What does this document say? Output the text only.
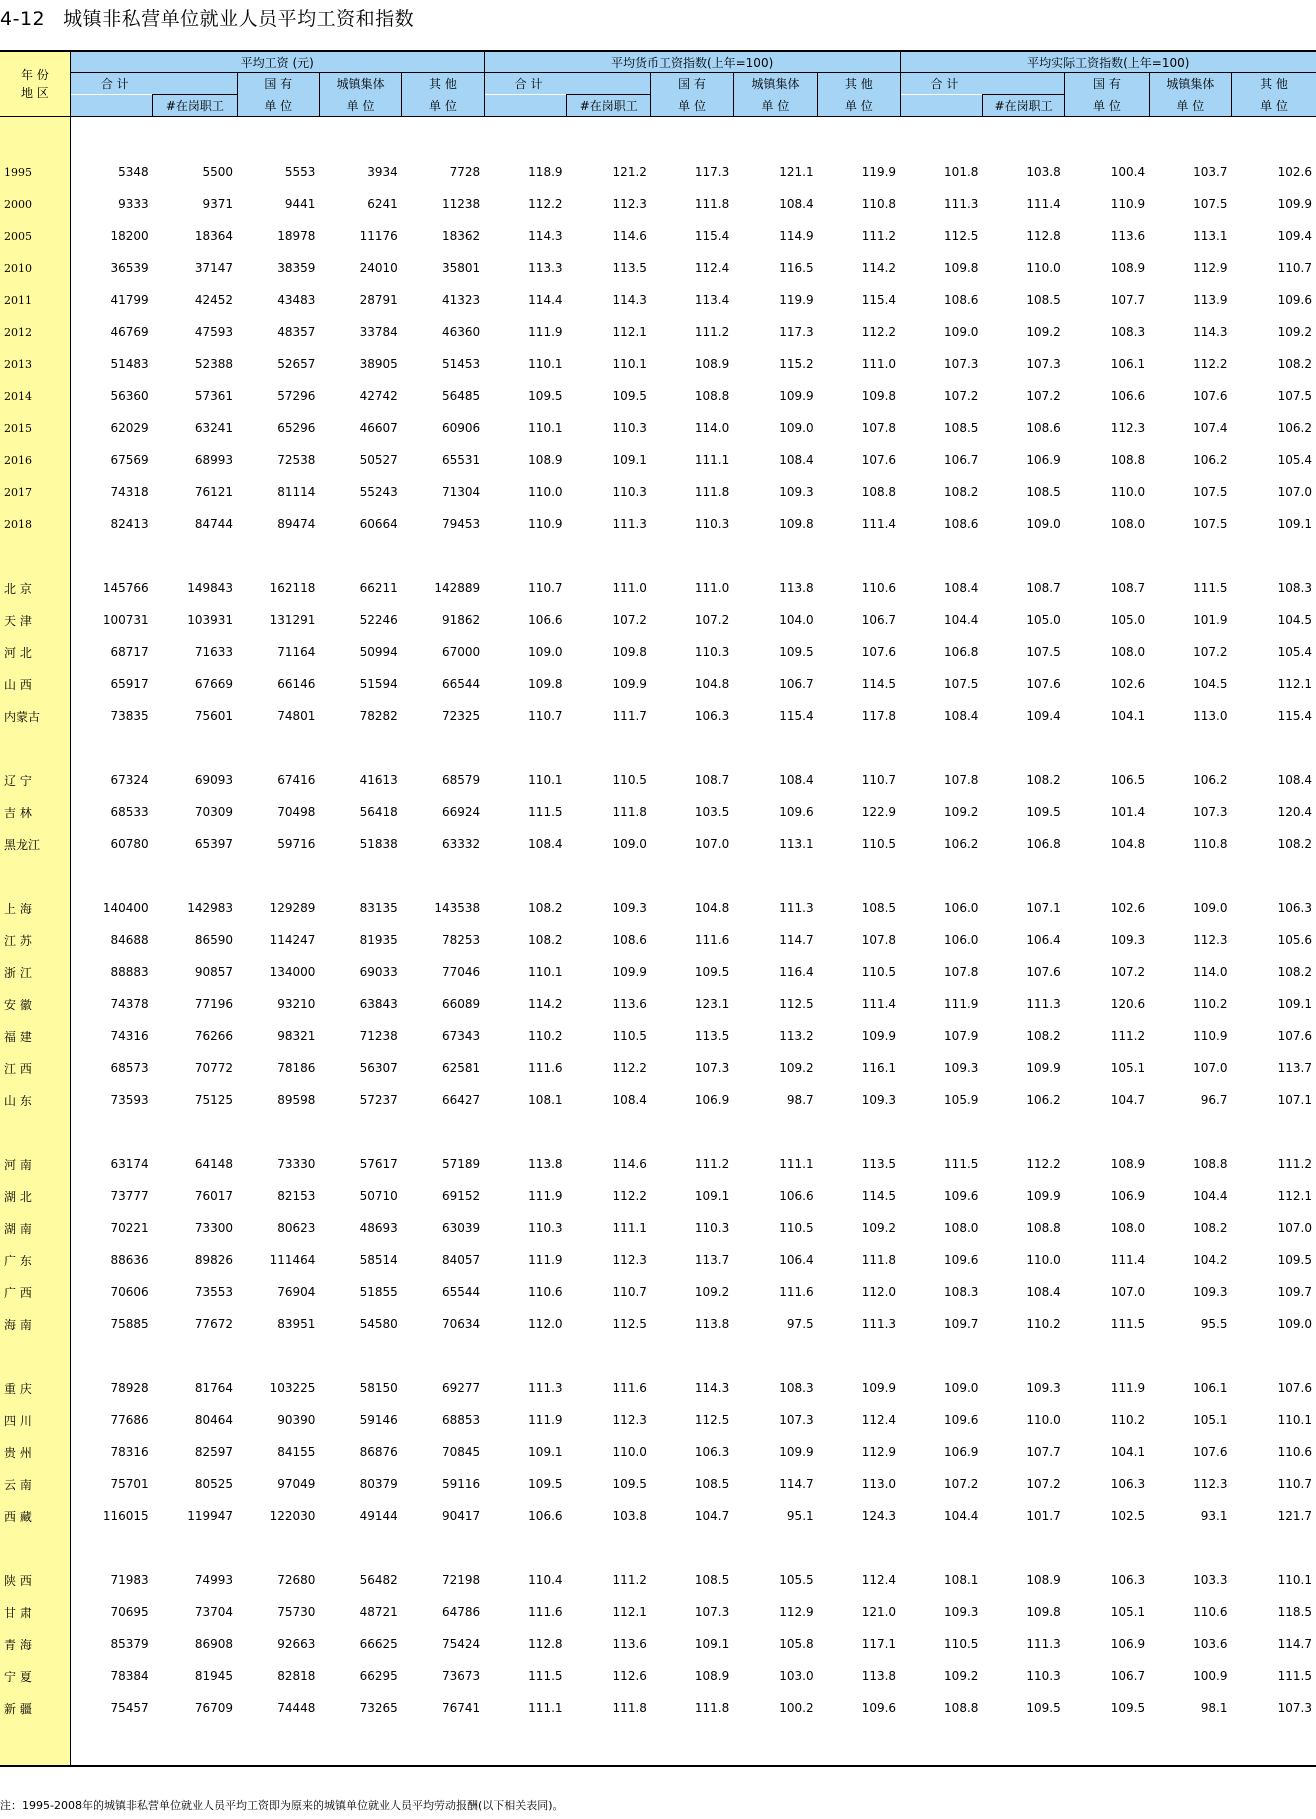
4-12 城镇非私营单位就业人员平均工资和指数
年 份
地 区	平均工资 (元)					平均货币工资指数(上年=100)					平均实际工资指数(上年=100)				
	合 计		国 有	城镇集体	其 他	合 计		国 有	城镇集体	其 他	合 计		国 有	城镇集体	其 他
		#在岗职工	单 位	单 位	单 位		#在岗职工	单 位	单 位	单 位		#在岗职工	单 位	单 位	单 位

1995	5348	5500	5553	3934	7728	118.9	121.2	117.3	121.1	119.9	101.8	103.8	100.4	103.7	102.6
2000	9333	9371	9441	6241	11238	112.2	112.3	111.8	108.4	110.8	111.3	111.4	110.9	107.5	109.9
2005	18200	18364	18978	11176	18362	114.3	114.6	115.4	114.9	111.2	112.5	112.8	113.6	113.1	109.4
2010	36539	37147	38359	24010	35801	113.3	113.5	112.4	116.5	114.2	109.8	110.0	108.9	112.9	110.7
2011	41799	42452	43483	28791	41323	114.4	114.3	113.4	119.9	115.4	108.6	108.5	107.7	113.9	109.6
2012	46769	47593	48357	33784	46360	111.9	112.1	111.2	117.3	112.2	109.0	109.2	108.3	114.3	109.2
2013	51483	52388	52657	38905	51453	110.1	110.1	108.9	115.2	111.0	107.3	107.3	106.1	112.2	108.2
2014	56360	57361	57296	42742	56485	109.5	109.5	108.8	109.9	109.8	107.2	107.2	106.6	107.6	107.5
2015	62029	63241	65296	46607	60906	110.1	110.3	114.0	109.0	107.8	108.5	108.6	112.3	107.4	106.2
2016	67569	68993	72538	50527	65531	108.9	109.1	111.1	108.4	107.6	106.7	106.9	108.8	106.2	105.4
2017	74318	76121	81114	55243	71304	110.0	110.3	111.8	109.3	108.8	108.2	108.5	110.0	107.5	107.0
2018	82413	84744	89474	60664	79453	110.9	111.3	110.3	109.8	111.4	108.6	109.0	108.0	107.5	109.1

北 京	145766	149843	162118	66211	142889	110.7	111.0	111.0	113.8	110.6	108.4	108.7	108.7	111.5	108.3
天 津	100731	103931	131291	52246	91862	106.6	107.2	107.2	104.0	106.7	104.4	105.0	105.0	101.9	104.5
河 北	68717	71633	71164	50994	67000	109.0	109.8	110.3	109.5	107.6	106.8	107.5	108.0	107.2	105.4
山 西	65917	67669	66146	51594	66544	109.8	109.9	104.8	106.7	114.5	107.5	107.6	102.6	104.5	112.1
内蒙古	73835	75601	74801	78282	72325	110.7	111.7	106.3	115.4	117.8	108.4	109.4	104.1	113.0	115.4

辽 宁	67324	69093	67416	41613	68579	110.1	110.5	108.7	108.4	110.7	107.8	108.2	106.5	106.2	108.4
吉 林	68533	70309	70498	56418	66924	111.5	111.8	103.5	109.6	122.9	109.2	109.5	101.4	107.3	120.4
黑龙江	60780	65397	59716	51838	63332	108.4	109.0	107.0	113.1	110.5	106.2	106.8	104.8	110.8	108.2

上 海	140400	142983	129289	83135	143538	108.2	109.3	104.8	111.3	108.5	106.0	107.1	102.6	109.0	106.3
江 苏	84688	86590	114247	81935	78253	108.2	108.6	111.6	114.7	107.8	106.0	106.4	109.3	112.3	105.6
浙 江	88883	90857	134000	69033	77046	110.1	109.9	109.5	116.4	110.5	107.8	107.6	107.2	114.0	108.2
安 徽	74378	77196	93210	63843	66089	114.2	113.6	123.1	112.5	111.4	111.9	111.3	120.6	110.2	109.1
福 建	74316	76266	98321	71238	67343	110.2	110.5	113.5	113.2	109.9	107.9	108.2	111.2	110.9	107.6
江 西	68573	70772	78186	56307	62581	111.6	112.2	107.3	109.2	116.1	109.3	109.9	105.1	107.0	113.7
山 东	73593	75125	89598	57237	66427	108.1	108.4	106.9	98.7	109.3	105.9	106.2	104.7	96.7	107.1

河 南	63174	64148	73330	57617	57189	113.8	114.6	111.2	111.1	113.5	111.5	112.2	108.9	108.8	111.2
湖 北	73777	76017	82153	50710	69152	111.9	112.2	109.1	106.6	114.5	109.6	109.9	106.9	104.4	112.1
湖 南	70221	73300	80623	48693	63039	110.3	111.1	110.3	110.5	109.2	108.0	108.8	108.0	108.2	107.0
广 东	88636	89826	111464	58514	84057	111.9	112.3	113.7	106.4	111.8	109.6	110.0	111.4	104.2	109.5
广 西	70606	73553	76904	51855	65544	110.6	110.7	109.2	111.6	112.0	108.3	108.4	107.0	109.3	109.7
海 南	75885	77672	83951	54580	70634	112.0	112.5	113.8	97.5	111.3	109.7	110.2	111.5	95.5	109.0

重 庆	78928	81764	103225	58150	69277	111.3	111.6	114.3	108.3	109.9	109.0	109.3	111.9	106.1	107.6
四 川	77686	80464	90390	59146	68853	111.9	112.3	112.5	107.3	112.4	109.6	110.0	110.2	105.1	110.1
贵 州	78316	82597	84155	86876	70845	109.1	110.0	106.3	109.9	112.9	106.9	107.7	104.1	107.6	110.6
云 南	75701	80525	97049	80379	59116	109.5	109.5	108.5	114.7	113.0	107.2	107.2	106.3	112.3	110.7
西 藏	116015	119947	122030	49144	90417	106.6	103.8	104.7	95.1	124.3	104.4	101.7	102.5	93.1	121.7

陕 西	71983	74993	72680	56482	72198	110.4	111.2	108.5	105.5	112.4	108.1	108.9	106.3	103.3	110.1
甘 肃	70695	73704	75730	48721	64786	111.6	112.1	107.3	112.9	121.0	109.3	109.8	105.1	110.6	118.5
青 海	85379	86908	92663	66625	75424	112.8	113.6	109.1	105.8	117.1	110.5	111.3	106.9	103.6	114.7
宁 夏	78384	81945	82818	66295	73673	111.5	112.6	108.9	103.0	113.8	109.2	110.3	106.7	100.9	111.5
新 疆	75457	76709	74448	73265	76741	111.1	111.8	111.8	100.2	109.6	108.8	109.5	109.5	98.1	107.3

注：1995-2008年的城镇非私营单位就业人员平均工资即为原来的城镇单位就业人员平均劳动报酬(以下相关表同)。
